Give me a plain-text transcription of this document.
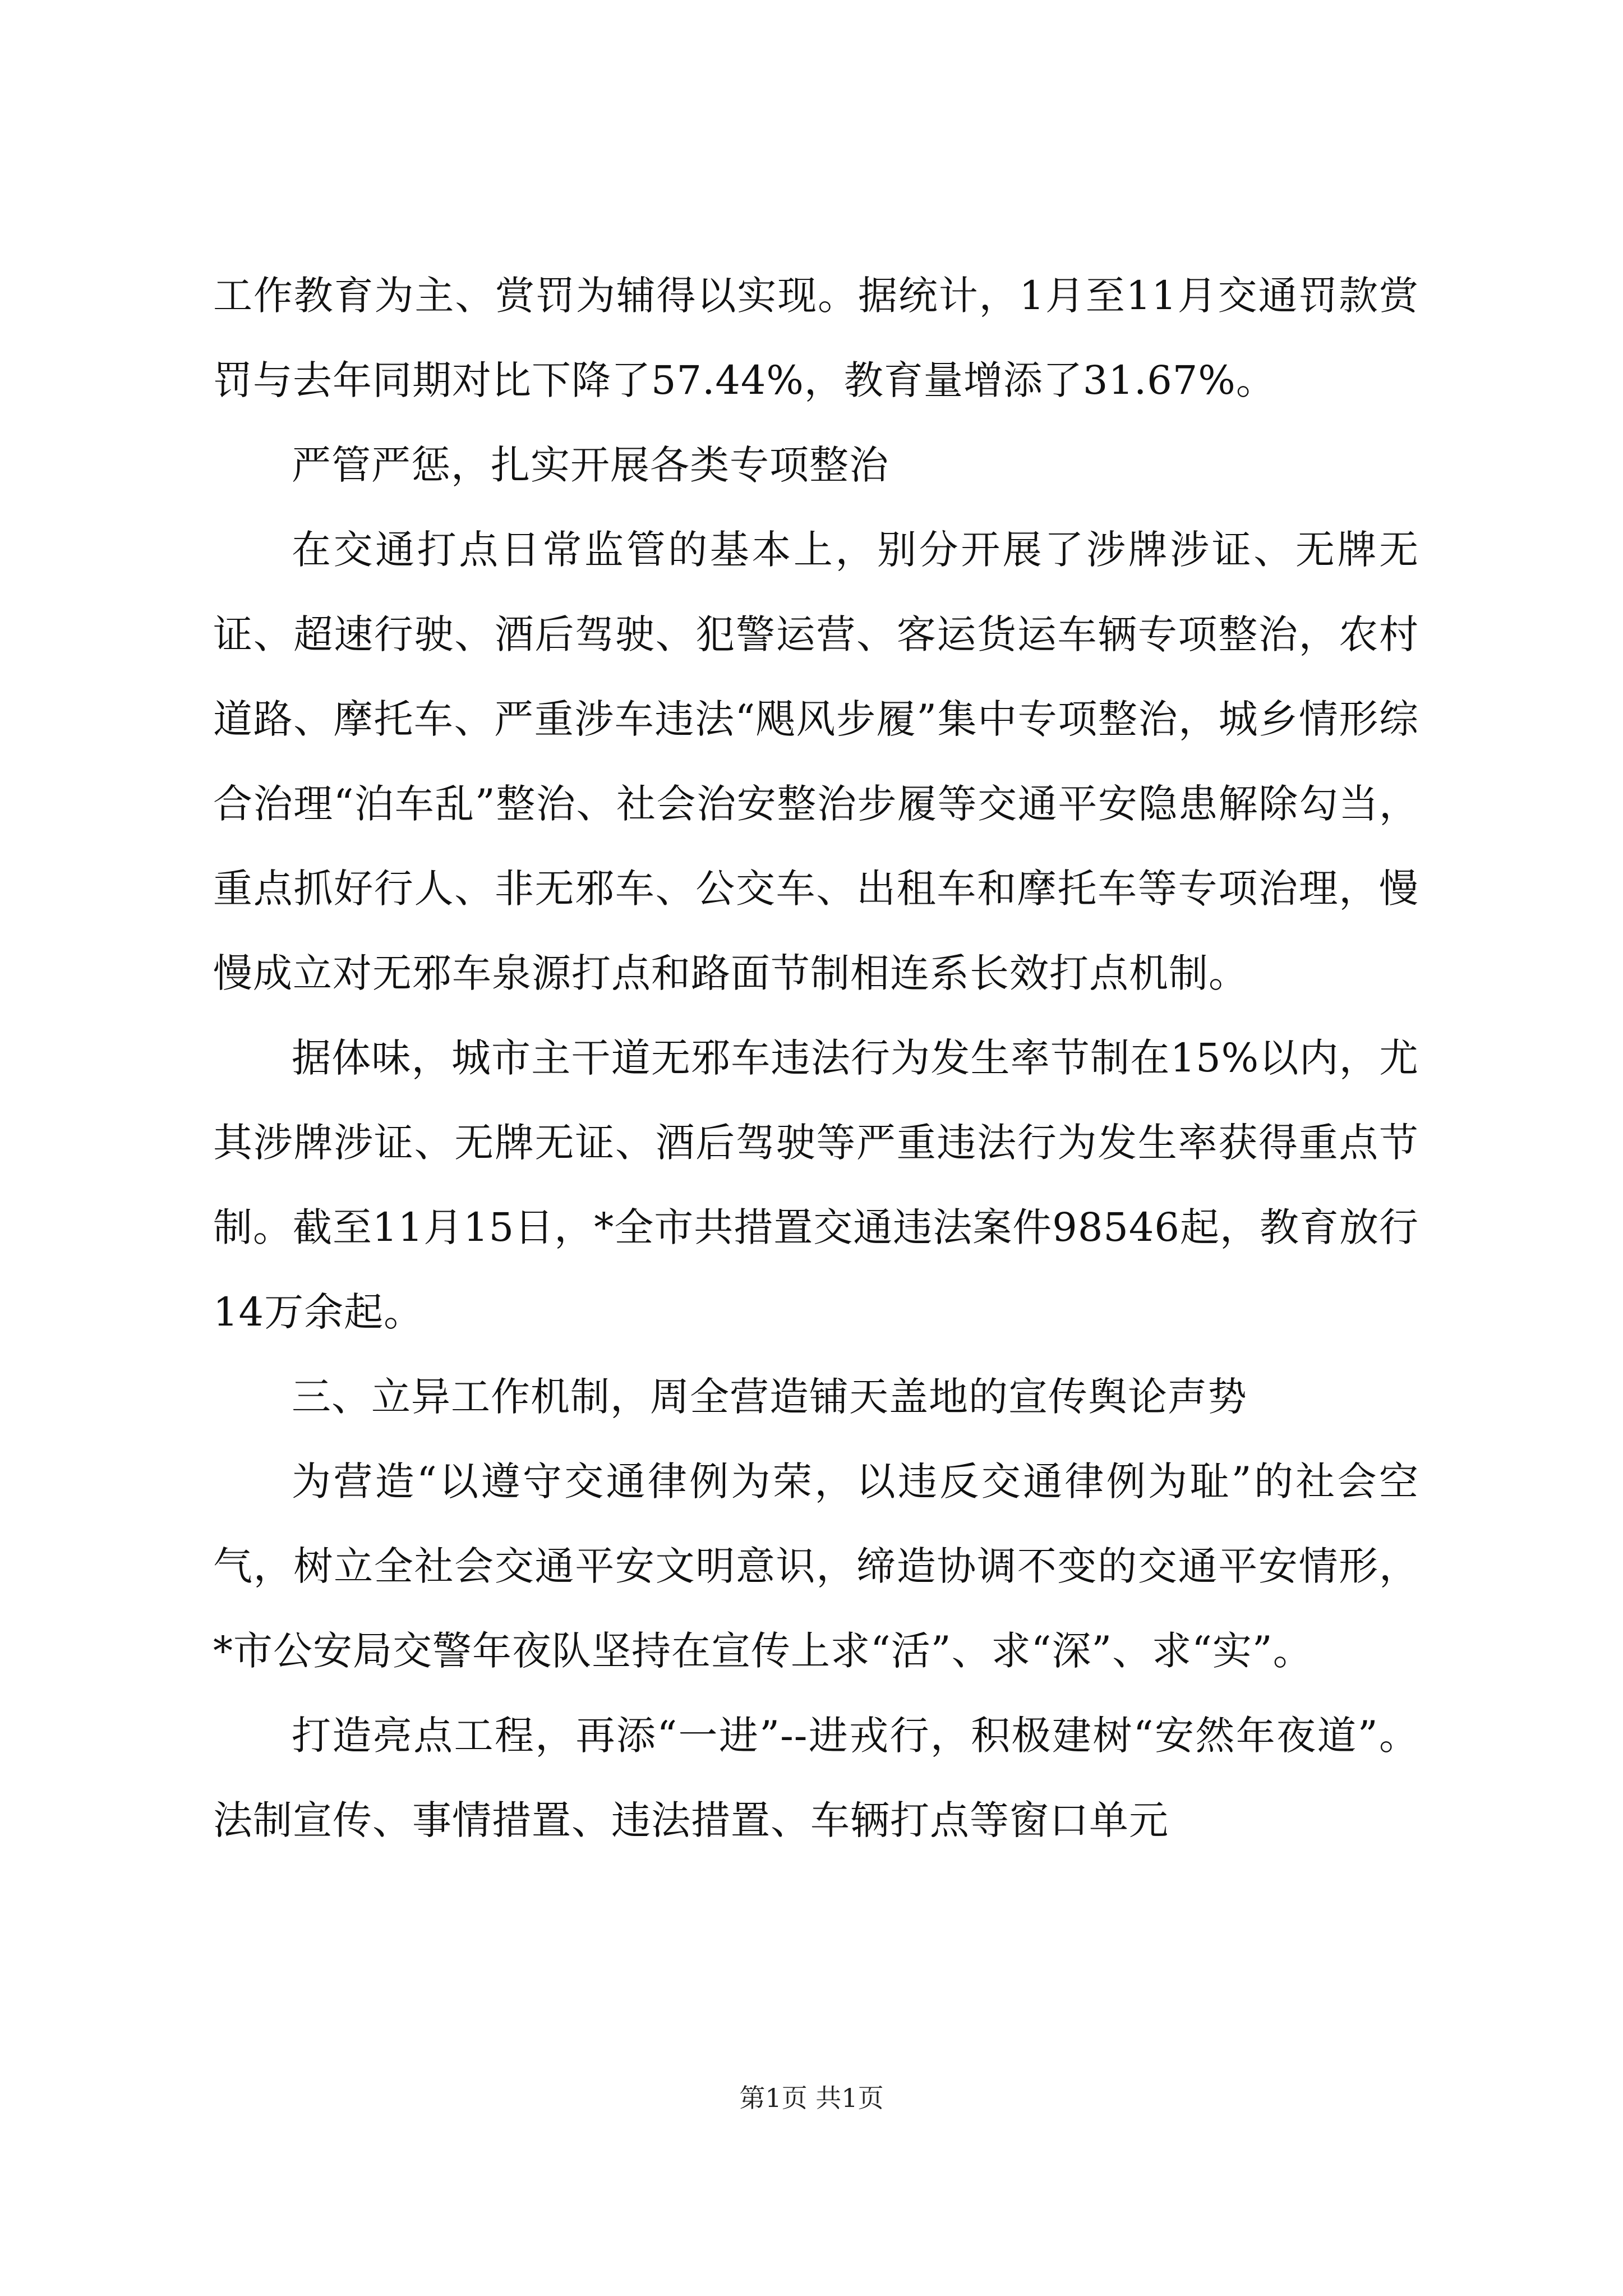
工作教育为主、赏罚为辅得以实现。据统计，1月至11月交通罚款赏罚与去年同期对比下降了57.44%，教育量增添了31.67%。

严管严惩，扎实开展各类专项整治

在交通打点日常监管的基本上，别分开展了涉牌涉证、无牌无证、超速行驶、酒后驾驶、犯警运营、客运货运车辆专项整治，农村道路、摩托车、严重涉车违法“飓风步履”集中专项整治，城乡情形综合治理“泊车乱”整治、社会治安整治步履等交通平安隐患解除勾当，重点抓好行人、非无邪车、公交车、出租车和摩托车等专项治理，慢慢成立对无邪车泉源打点和路面节制相连系长效打点机制。

据体味，城市主干道无邪车违法行为发生率节制在15%以内，尤其涉牌涉证、无牌无证、酒后驾驶等严重违法行为发生率获得重点节制。截至11月15日，*全市共措置交通违法案件98546起，教育放行14万余起。

三、立异工作机制，周全营造铺天盖地的宣传舆论声势

为营造“以遵守交通律例为荣，以违反交通律例为耻”的社会空气，树立全社会交通平安文明意识，缔造协调不变的交通平安情形，*市公安局交警年夜队坚持在宣传上求“活”、求“深”、求“实”。

打造亮点工程，再添“一进”--进戎行，积极建树“安然年夜道”。法制宣传、事情措置、违法措置、车辆打点等窗口单元

第1页 共1页
